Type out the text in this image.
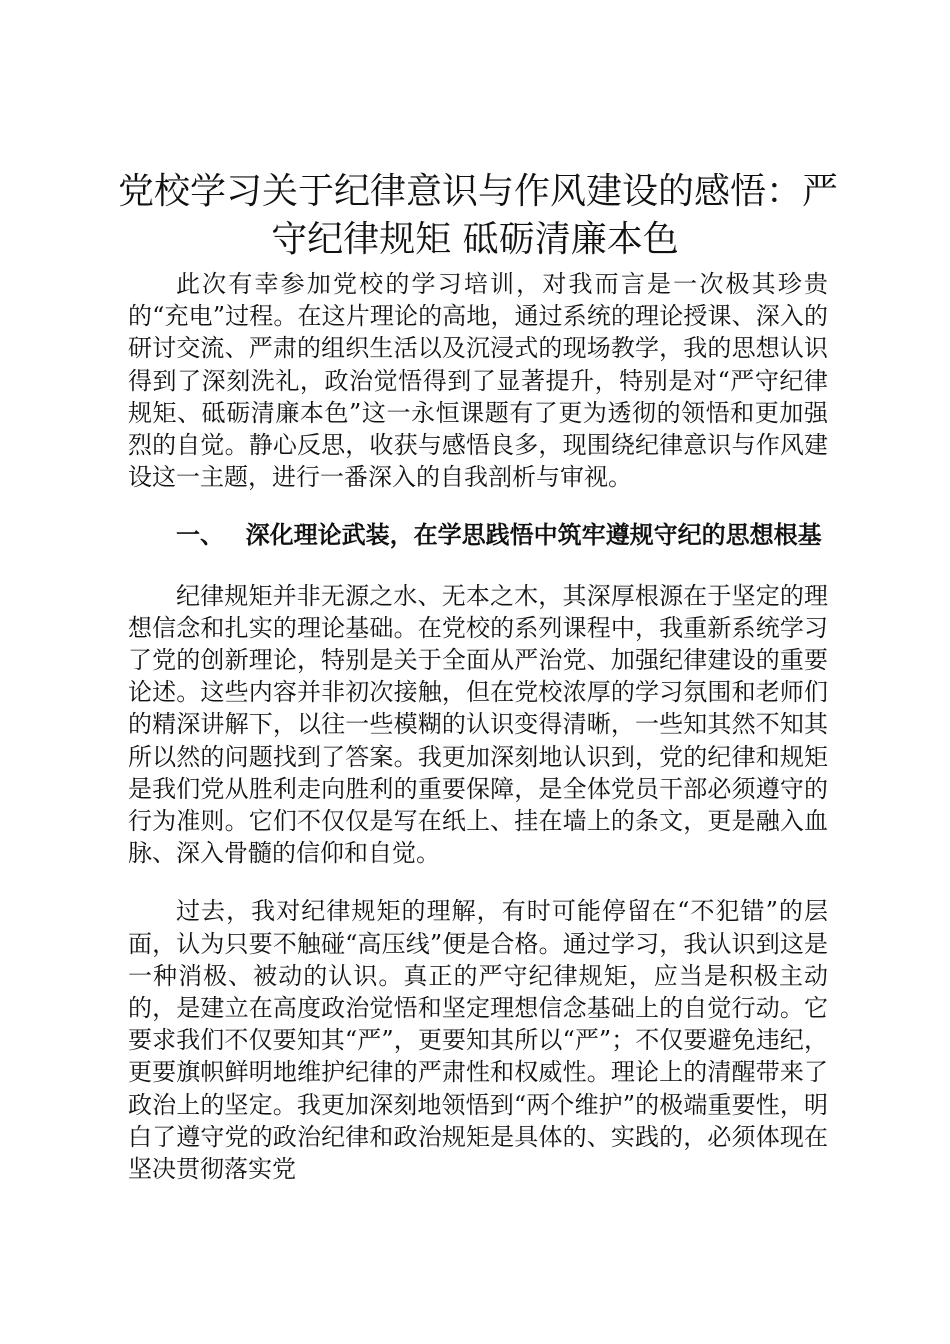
党校学习关于纪律意识与作风建设的感悟：严
守纪律规矩 砥砺清廉本色

此次有幸参加党校的学习培训，对我而言是一次极其珍贵的“充电”过程。在这片理论的高地，通过系统的理论授课、深入的研讨交流、严肃的组织生活以及沉浸式的现场教学，我的思想认识得到了深刻洗礼，政治觉悟得到了显著提升，特别是对“严守纪律规矩、砥砺清廉本色”这一永恒课题有了更为透彻的领悟和更加强烈的自觉。静心反思，收获与感悟良多，现围绕纪律意识与作风建设这一主题，进行一番深入的自我剖析与审视。

一、 深化理论武装，在学思践悟中筑牢遵规守纪的思想根基

纪律规矩并非无源之水、无本之木，其深厚根源在于坚定的理想信念和扎实的理论基础。在党校的系列课程中，我重新系统学习了党的创新理论，特别是关于全面从严治党、加强纪律建设的重要论述。这些内容并非初次接触，但在党校浓厚的学习氛围和老师们的精深讲解下，以往一些模糊的认识变得清晰，一些知其然不知其所以然的问题找到了答案。我更加深刻地认识到，党的纪律和规矩是我们党从胜利走向胜利的重要保障，是全体党员干部必须遵守的行为准则。它们不仅仅是写在纸上、挂在墙上的条文，更是融入血脉、深入骨髓的信仰和自觉。

过去，我对纪律规矩的理解，有时可能停留在“不犯错”的层面，认为只要不触碰“高压线”便是合格。通过学习，我认识到这是一种消极、被动的认识。真正的严守纪律规矩，应当是积极主动的，是建立在高度政治觉悟和坚定理想信念基础上的自觉行动。它要求我们不仅要知其“严”，更要知其所以“严”；不仅要避免违纪，更要旗帜鲜明地维护纪律的严肃性和权威性。理论上的清醒带来了政治上的坚定。我更加深刻地领悟到“两个维护”的极端重要性，明白了遵守党的政治纪律和政治规矩是具体的、实践的，必须体现在坚决贯彻落实党
